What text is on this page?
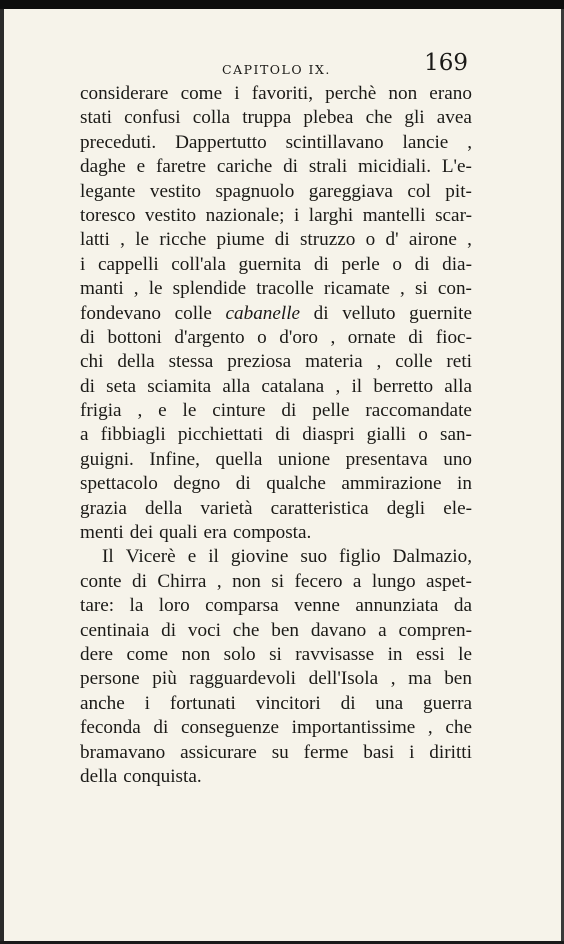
CAPITOLO IX.	169
considerare come i favoriti, perchè non erano
stati confusi colla truppa plebea che gli avea
preceduti. Dappertutto scintillavano lancie ,
daghe e faretre cariche di strali micidiali. L'e-
legante vestito spagnuolo gareggiava col pit-
toresco vestito nazionale; i larghi mantelli scar-
latti , le ricche piume di struzzo o d' airone ,
i cappelli coll'ala guernita di perle o di dia-
manti , le splendide tracolle ricamate , si con-
fondevano colle cabanelle di velluto guernite
di bottoni d'argento o d'oro , ornate di fioc-
chi della stessa preziosa materia , colle reti
di seta sciamita alla catalana , il berretto alla
frigia , e le cinture di pelle raccomandate
a fibbiagli picchiettati di diaspri gialli o san-
guigni. Infine, quella unione presentava uno
spettacolo degno di qualche ammirazione in
grazia della varietà caratteristica degli ele-
menti dei quali era composta.
Il Vicerè e il giovine suo figlio Dalmazio,
conte di Chirra , non si fecero a lungo aspet-
tare: la loro comparsa venne annunziata da
centinaia di voci che ben davano a compren-
dere come non solo si ravvisasse in essi le
persone più ragguardevoli dell'Isola , ma ben
anche i fortunati vincitori di una guerra
feconda di conseguenze importantissime , che
bramavano assicurare su ferme basi i diritti
della conquista.
